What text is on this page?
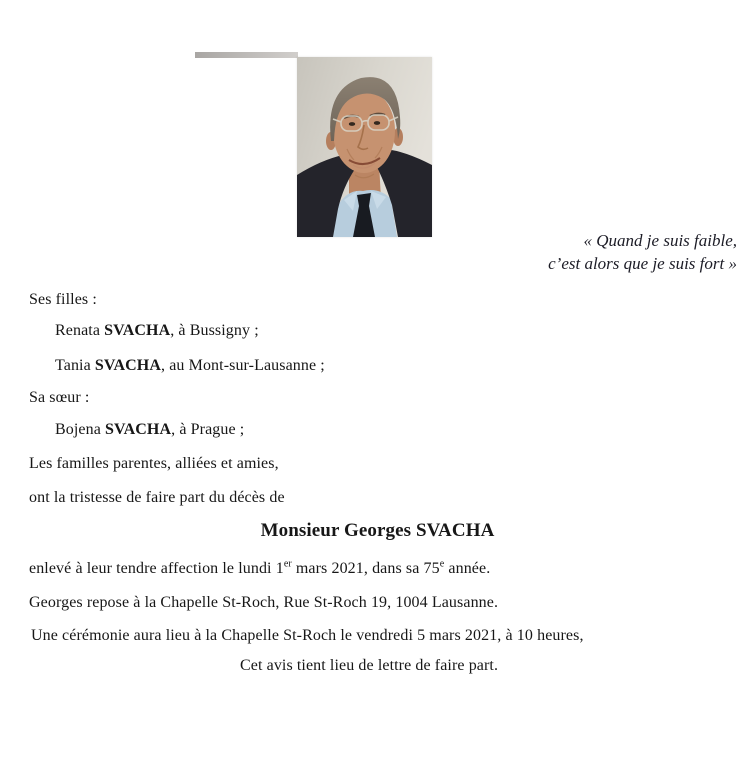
« Quand je suis faible,
c’est alors que je suis fort »
Ses filles :
Renata SVACHA, à Bussigny ;
Tania SVACHA, au Mont-sur-Lausanne ;
Sa sœur :
Bojena SVACHA, à Prague ;
Les familles parentes, alliées et amies,
ont la tristesse de faire part du décès de
Monsieur Georges SVACHA
enlevé à leur tendre affection le lundi 1er mars 2021, dans sa 75e année.
Georges repose à la Chapelle St-Roch, Rue St-Roch 19, 1004 Lausanne.
Une cérémonie aura lieu à la Chapelle St-Roch le vendredi 5 mars 2021, à 10 heures,
Cet avis tient lieu de lettre de faire part.
